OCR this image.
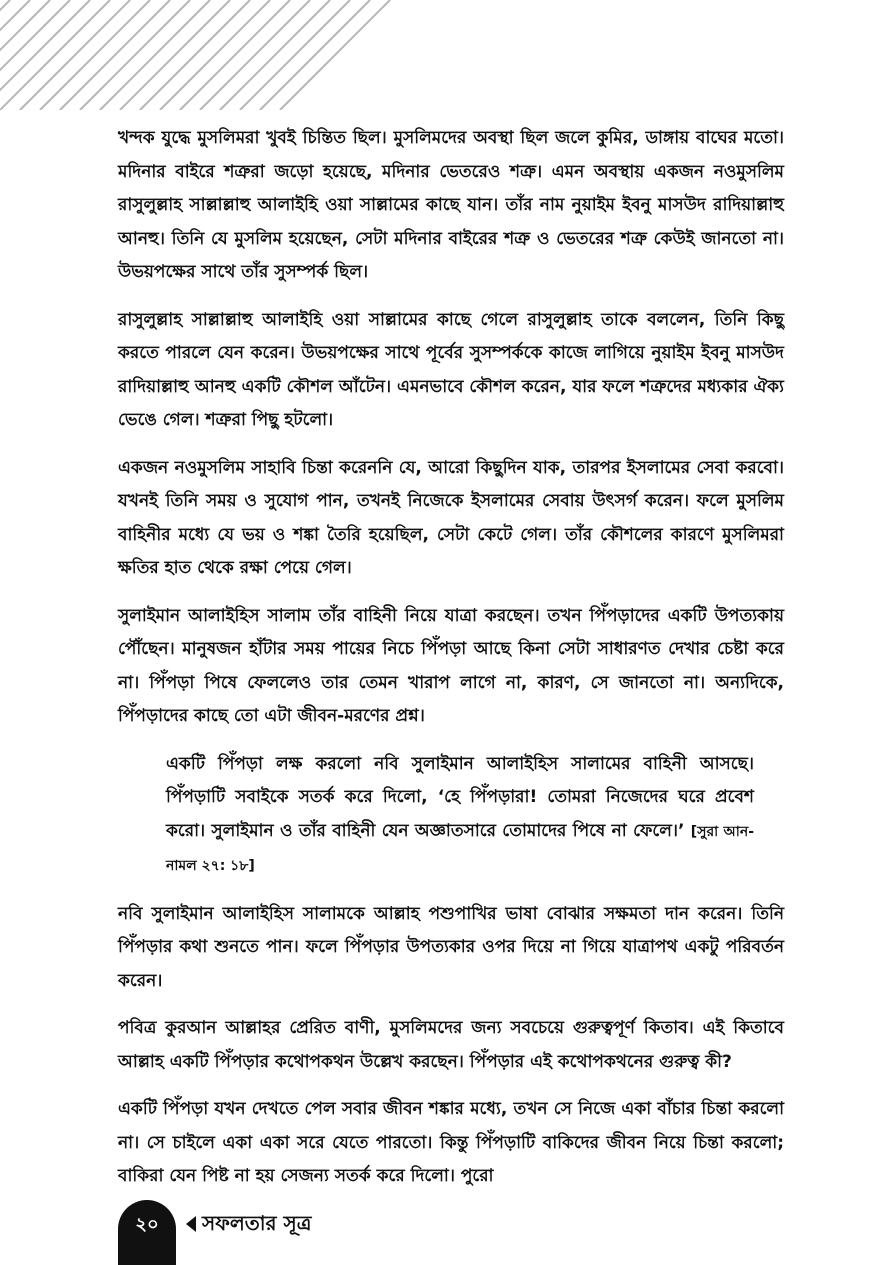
খন্দক যুদ্ধে মুসলিমরা খুবই চিন্তিত ছিল। মুসলিমদের অবস্থা ছিল জলে কুমির, ডাঙ্গায় বাঘের মতো। মদিনার বাইরে শত্রুরা জড়ো হয়েছে, মদিনার ভেতরেও শত্রু। এমন অবস্থায় একজন নওমুসলিম রাসুলুল্লাহ সাল্লাল্লাহু আলাইহি ওয়া সাল্লামের কাছে যান। তাঁর নাম নুয়াইম ইবনু মাসউদ রাদিয়াল্লাহু আনহু। তিনি যে মুসলিম হয়েছেন, সেটা মদিনার বাইরের শত্রু ও ভেতরের শত্রু কেউই জানতো না। উভয়পক্ষের সাথে তাঁর সুসম্পর্ক ছিল।

রাসুলুল্লাহ সাল্লাল্লাহু আলাইহি ওয়া সাল্লামের কাছে গেলে রাসুলুল্লাহ তাকে বললেন, তিনি কিছু করতে পারলে যেন করেন। উভয়পক্ষের সাথে পূর্বের সুসম্পর্ককে কাজে লাগিয়ে নুয়াইম ইবনু মাসউদ রাদিয়াল্লাহু আনহু একটি কৌশল আঁটেন। এমনভাবে কৌশল করেন, যার ফলে শত্রুদের মধ্যকার ঐক্য ভেঙে গেল। শত্রুরা পিছু হটলো।

একজন নওমুসলিম সাহাবি চিন্তা করেননি যে, আরো কিছুদিন যাক, তারপর ইসলামের সেবা করবো। যখনই তিনি সময় ও সুযোগ পান, তখনই নিজেকে ইসলামের সেবায় উৎসর্গ করেন। ফলে মুসলিম বাহিনীর মধ্যে যে ভয় ও শঙ্কা তৈরি হয়েছিল, সেটা কেটে গেল। তাঁর কৌশলের কারণে মুসলিমরা ক্ষতির হাত থেকে রক্ষা পেয়ে গেল।

সুলাইমান আলাইহিস সালাম তাঁর বাহিনী নিয়ে যাত্রা করছেন। তখন পিঁপড়াদের একটি উপত্যকায় পৌঁছেন। মানুষজন হাঁটার সময় পায়ের নিচে পিঁপড়া আছে কিনা সেটা সাধারণত দেখার চেষ্টা করে না। পিঁপড়া পিষে ফেললেও তার তেমন খারাপ লাগে না, কারণ, সে জানতো না। অন্যদিকে, পিঁপড়াদের কাছে তো এটা জীবন-মরণের প্রশ্ন।

একটি পিঁপড়া লক্ষ করলো নবি সুলাইমান আলাইহিস সালামের বাহিনী আসছে। পিঁপড়াটি সবাইকে সতর্ক করে দিলো, ‘হে পিঁপড়ারা! তোমরা নিজেদের ঘরে প্রবেশ করো। সুলাইমান ও তাঁর বাহিনী যেন অজ্ঞাতসারে তোমাদের পিষে না ফেলে।’ [সুরা আন-নামল ২৭: ১৮]

নবি সুলাইমান আলাইহিস সালামকে আল্লাহ পশুপাখির ভাষা বোঝার সক্ষমতা দান করেন। তিনি পিঁপড়ার কথা শুনতে পান। ফলে পিঁপড়ার উপত্যকার ওপর দিয়ে না গিয়ে যাত্রাপথ একটু পরিবর্তন করেন।

পবিত্র কুরআন আল্লাহর প্রেরিত বাণী, মুসলিমদের জন্য সবচেয়ে গুরুত্বপূর্ণ কিতাব। এই কিতাবে আল্লাহ একটি পিঁপড়ার কথোপকথন উল্লেখ করছেন। পিঁপড়ার এই কথোপকথনের গুরুত্ব কী?

একটি পিঁপড়া যখন দেখতে পেল সবার জীবন শঙ্কার মধ্যে, তখন সে নিজে একা বাঁচার চিন্তা করলো না। সে চাইলে একা একা সরে যেতে পারতো। কিন্তু পিঁপড়াটি বাকিদের জীবন নিয়ে চিন্তা করলো; বাকিরা যেন পিষ্ট না হয় সেজন্য সতর্ক করে দিলো। পুরো

২০	সফলতার সূত্র
